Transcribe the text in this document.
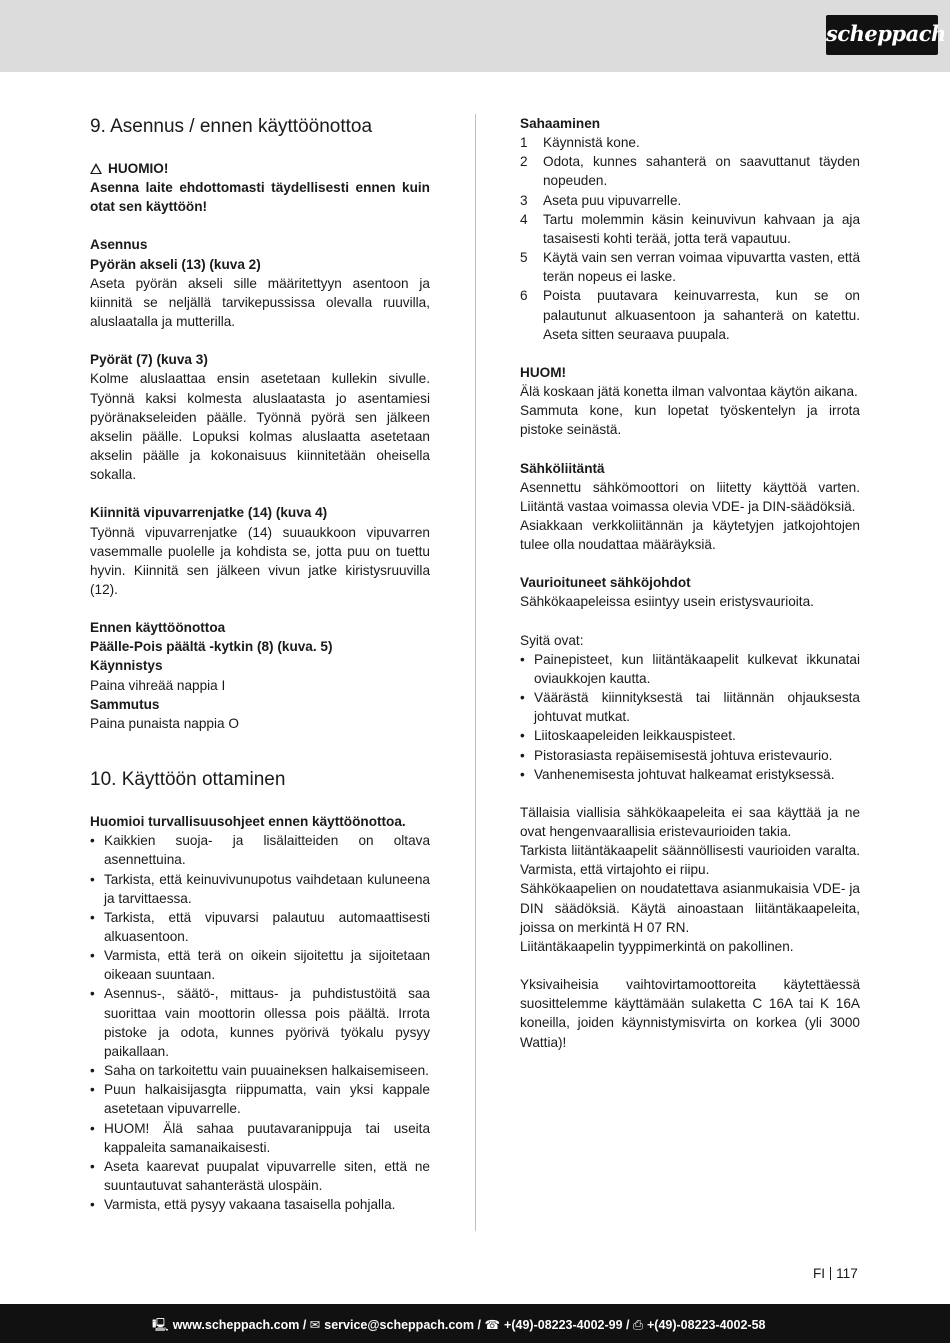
scheppach
9. Asennus / ennen käyttöönottoa
HUOMIO!

Asenna laite ehdottomasti täydellisesti ennen kuin otat sen käyttöön!

Asennus
Pyörän akseli (13) (kuva 2)

Aseta pyörän akseli sille määritettyyn asentoon ja kiinnitä se neljällä tarvikepussissa olevalla ruuvilla, aluslaatalla ja mutterilla.

Pyörät (7) (kuva 3)

Kolme aluslaattaa ensin asetetaan kullekin sivulle. Työnnä kaksi kolmesta aluslaatasta jo asentamiesi pyöränakseleiden päälle. Työnnä pyörä sen jälkeen akselin päälle. Lopuksi kolmas aluslaatta asetetaan akselin päälle ja kokonaisuus kiinnitetään oheisella sokalla.

Kiinnitä vipuvarrenjatke (14) (kuva 4)

Työnnä vipuvarrenjatke (14) suuaukkoon vipuvarren vasemmalle puolelle ja kohdista se, jotta puu on tuettu hyvin. Kiinnitä sen jälkeen vivun jatke kiristysruuvilla (12).

Ennen käyttöönottoa
Päälle-Pois päältä -kytkin (8) (kuva. 5)
Käynnistys
Paina vihreää nappia I
Sammutus
Paina punaista nappia O
10. Käyttöön ottaminen
Huomioi turvallisuusohjeet ennen käyttöönottoa.
• Kaikkien suoja- ja lisälaitteiden on oltava asennettuina.
• Tarkista, että keinuvivunupotus vaihdetaan kuluneena ja tarvittaessa.
• Tarkista, että vipuvarsi palautuu automaattisesti alkuasentoon.
• Varmista, että terä on oikein sijoitettu ja sijoitetaan oikeaan suuntaan.
• Asennus-, säätö-, mittaus- ja puhdistustöitä saa suorittaa vain moottorin ollessa pois päältä. Irrota pistoke ja odota, kunnes pyörivä työkalu pysyy paikallaan.
• Saha on tarkoitettu vain puuaineksen halkaisemiseen.
• Puun halkaisijasgta riippumatta, vain yksi kappale asetetaan vipuvarrelle.
• HUOM! Älä sahaa puutavaranippuja tai useita kappaleita samanaikaisesti.
• Aseta kaarevat puupalat vipuvarrelle siten, että ne suuntautuvat sahanterästä ulospäin.
• Varmista, että pysyy vakaana tasaisella pohjalla.
Sahaaminen
1 Käynnistä kone.
2 Odota, kunnes sahanterä on saavuttanut täyden nopeuden.
3 Aseta puu vipuvarrelle.
4 Tartu molemmin käsin keinuvivun kahvaan ja aja tasaisesti kohti terää, jotta terä vapautuu.
5 Käytä vain sen verran voimaa vipuvartta vasten, että terän nopeus ei laske.
6 Poista puutavara keinuvarresta, kun se on palautunut alkuasentoon ja sahanterä on katettu. Aseta sitten seuraava puupala.
HUOM!

Älä koskaan jätä konetta ilman valvontaa käytön aikana.

Sammuta kone, kun lopetat työskentelyn ja irrota pistoke seinästä.

Sähköliitäntä

Asennettu sähkömoottori on liitetty käyttöä varten. Liitäntä vastaa voimassa olevia VDE- ja DIN-säädöksiä.

Asiakkaan verkkoliitännän ja käytetyjen jatkojohtojen tulee olla noudattaa määräyksiä.

Vaurioituneet sähköjohdot

Sähkökaapeleissa esiintyy usein eristysvaurioita.

Syitä ovat:
• Painepisteet, kun liitäntäkaapelit kulkevat ikkunatai oviaukkojen kautta.
• Väärästä kiinnityksestä tai liitännän ohjauksesta johtuvat mutkat.
• Liitoskaapeleiden leikkauspisteet.
• Pistorasiasta repäisemisestä johtuva eristevaurio.
• Vanhenemisesta johtuvat halkeamat eristyksessä.

Tällaisia viallisia sähkökaapeleita ei saa käyttää ja ne ovat hengenvaarallisia eristevaurioiden takia.

Tarkista liitäntäkaapelit säännöllisesti vaurioiden varalta. Varmista, että virtajohto ei riipu.

Sähkökaapelien on noudatettava asianmukaisia VDE- ja DIN säädöksiä. Käytä ainoastaan liitäntäkaapeleita, joissa on merkintä H 07 RN.

Liitäntäkaapelin tyyppimerkintä on pakollinen.

Yksivaiheisia vaihtovirtamoottoreita käytettäessä suosittelemme käyttämään sulaketta C 16A tai K 16A koneilla, joiden käynnistymisvirta on korkea (yli 3000 Wattia)!

FI 117
🖳 www.scheppach.com / ✉ service@scheppach.com / ☎ +(49)-08223-4002-99 / ⎙ +(49)-08223-4002-58
